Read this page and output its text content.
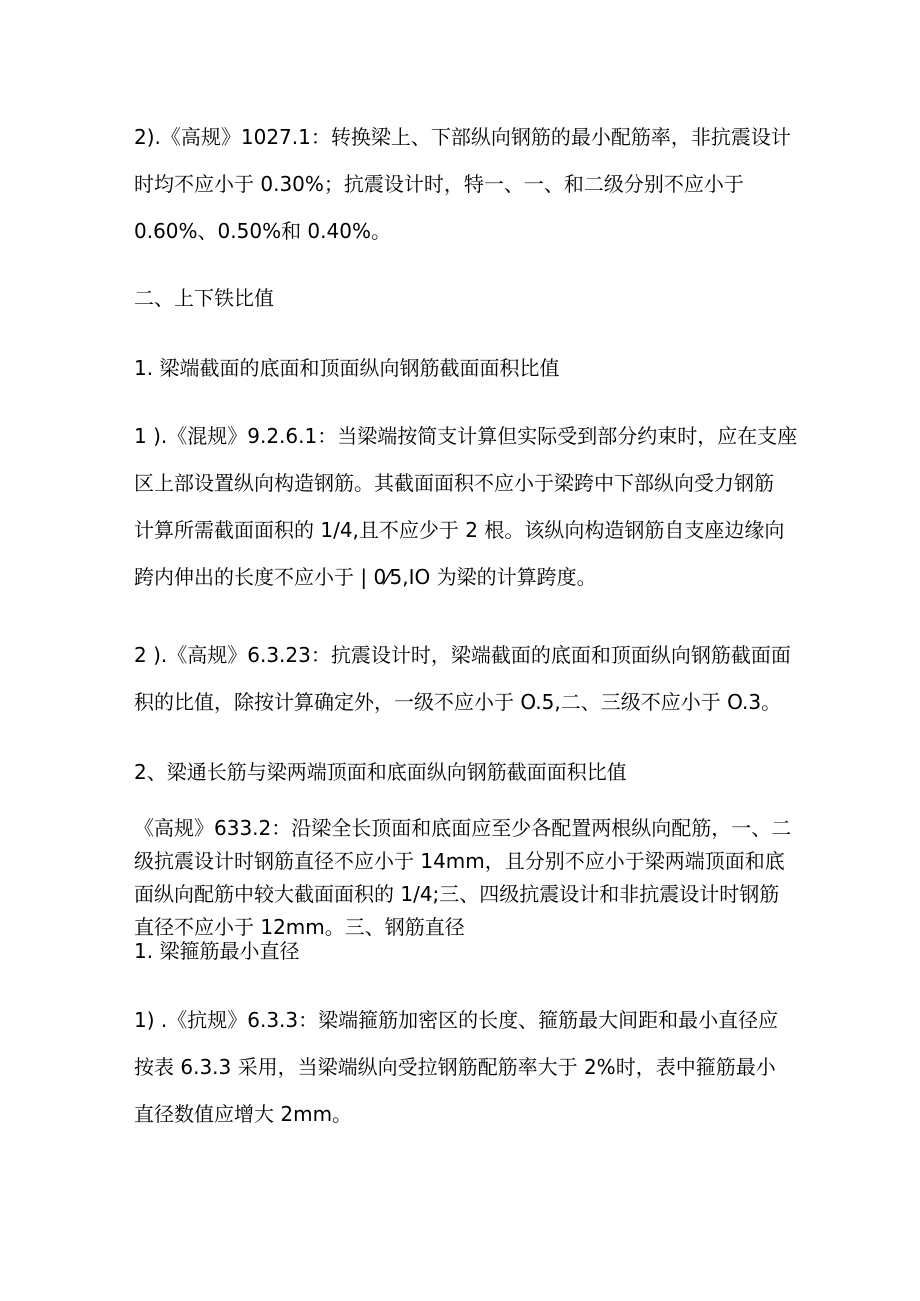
2).《高规》1027.1：转换梁上、下部纵向钢筋的最小配筋率，非抗震设计
时均不应小于 0.30%；抗震设计时，特一、一、和二级分别不应小于
0.60%、0.50%和 0.40%。
二、上下铁比值
1. 梁端截面的底面和顶面纵向钢筋截面面积比值
1 ).《混规》9.2.6.1：当梁端按简支计算但实际受到部分约束时，应在支座
区上部设置纵向构造钢筋。其截面面积不应小于梁跨中下部纵向受力钢筋
计算所需截面面积的 1/4,且不应少于 2 根。该纵向构造钢筋自支座边缘向
跨内伸出的长度不应小于 | 0⁄5,IO 为梁的计算跨度。
2 ).《高规》6.3.23：抗震设计时，梁端截面的底面和顶面纵向钢筋截面面
积的比值，除按计算确定外，一级不应小于 O.5,二、三级不应小于 O.3。
2、梁通长筋与梁两端顶面和底面纵向钢筋截面面积比值
《高规》633.2：沿梁全长顶面和底面应至少各配置两根纵向配筋，一、二
级抗震设计时钢筋直径不应小于 14mm，且分别不应小于梁两端顶面和底
面纵向配筋中较大截面面积的 1/4;三、四级抗震设计和非抗震设计时钢筋
直径不应小于 12mm。三、钢筋直径
1. 梁箍筋最小直径
1) .《抗规》6.3.3：梁端箍筋加密区的长度、箍筋最大间距和最小直径应
按表 6.3.3 采用，当梁端纵向受拉钢筋配筋率大于 2%时，表中箍筋最小
直径数值应增大 2mm。
